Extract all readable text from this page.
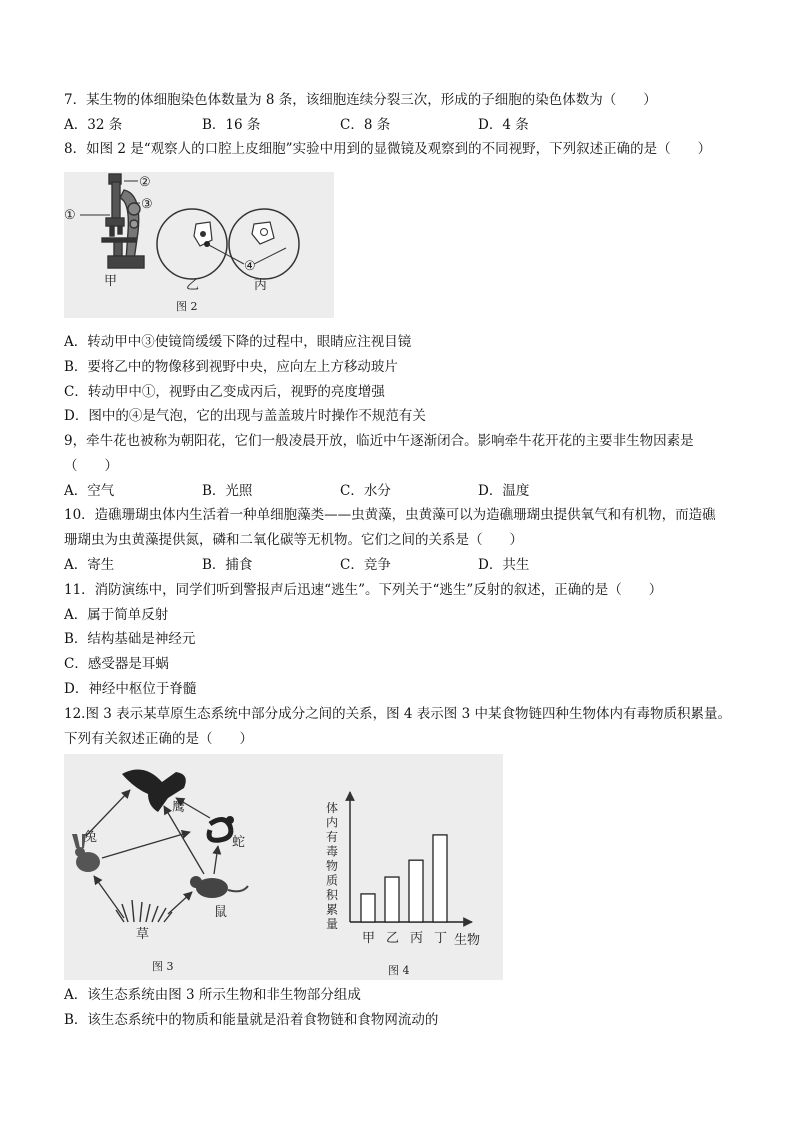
7．某生物的体细胞染色体数量为 8 条，该细胞连续分裂三次，形成的子细胞的染色体数为（　　）
A．32 条	B．16 条	C．8 条	D．4 条
8．如图 2 是“观察人的口腔上皮细胞”实验中用到的显微镜及观察到的不同视野，下列叙述正确的是（　　）
①
②
③
④
甲	乙	丙
图 2
A．转动甲中③使镜筒缓缓下降的过程中，眼睛应注视目镜
B．要将乙中的物像移到视野中央，应向左上方移动玻片
C．转动甲中①，视野由乙变成丙后，视野的亮度增强
D．图中的④是气泡，它的出现与盖盖玻片时操作不规范有关
9，牵牛花也被称为朝阳花，它们一般凌晨开放，临近中午逐渐闭合。影响牵牛花开花的主要非生物因素是
（　　）
A．空气	B．光照	C．水分	D．温度
10．造礁珊瑚虫体内生活着一种单细胞藻类——虫黄藻，虫黄藻可以为造礁珊瑚虫提供氧气和有机物，而造礁
珊瑚虫为虫黄藻提供氮，磷和二氧化碳等无机物。它们之间的关系是（　　）
A．寄生	B．捕食	C．竞争	D．共生
11．消防演练中，同学们听到警报声后迅速“逃生”。下列关于“逃生”反射的叙述，正确的是（　　）
A．属于简单反射
B．结构基础是神经元
C．感受器是耳蜗
D．神经中枢位于脊髓
12.图 3 表示某草原生态系统中部分成分之间的关系，图 4 表示图 3 中某食物链四种生物体内有毒物质积累量。
下列有关叙述正确的是（　　）
鹰
兔	蛇
鼠
草
图 3
体
内
有
毒
物
质
积
累
量
甲 乙 丙 丁 生物
图 4
A．该生态系统由图 3 所示生物和非生物部分组成
B．该生态系统中的物质和能量就是沿着食物链和食物网流动的
